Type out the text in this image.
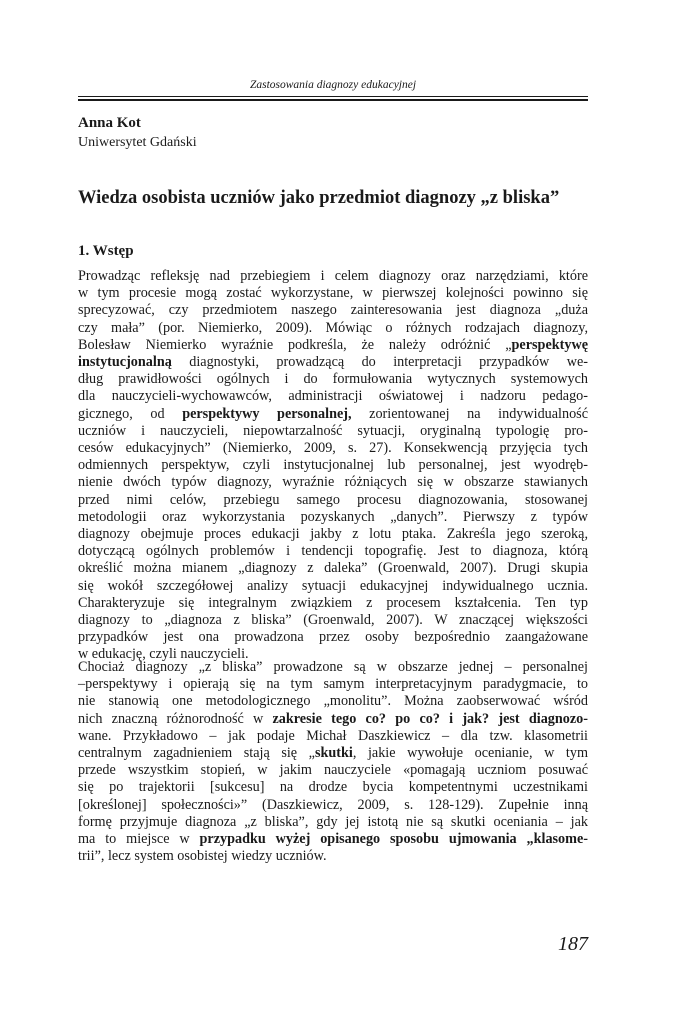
Zastosowania diagnozy edukacyjnej
Anna Kot
Uniwersytet Gdański
Wiedza osobista uczniów jako przedmiot diagnozy „z bliska”
1. Wstęp

Prowadząc refleksję nad przebiegiem i celem diagnozy oraz narzędziami, które
w tym procesie mogą zostać wykorzystane, w pierwszej kolejności powinno się
sprecyzować, czy przedmiotem naszego zainteresowania jest diagnoza „duża
czy mała” (por. Niemierko, 2009). Mówiąc o różnych rodzajach diagnozy,
Bolesław Niemierko wyraźnie podkreśla, że należy odróżnić „perspektywę
instytucjonalną diagnostyki, prowadzącą do interpretacji przypadków we-
dług prawidłowości ogólnych i do formułowania wytycznych systemowych
dla nauczycieli-wychowawców, administracji oświatowej i nadzoru pedago-
gicznego, od perspektywy personalnej, zorientowanej na indywidualność
uczniów i nauczycieli, niepowtarzalność sytuacji, oryginalną typologię pro-
cesów edukacyjnych” (Niemierko, 2009, s. 27). Konsekwencją przyjęcia tych
odmiennych perspektyw, czyli instytucjonalnej lub personalnej, jest wyodręb-
nienie dwóch typów diagnozy, wyraźnie różniących się w obszarze stawianych
przed nimi celów, przebiegu samego procesu diagnozowania, stosowanej
metodologii oraz wykorzystania pozyskanych „danych”. Pierwszy z typów
diagnozy obejmuje proces edukacji jakby z lotu ptaka. Zakreśla jego szeroką,
dotyczącą ogólnych problemów i tendencji topografię. Jest to diagnoza, którą
określić można mianem „diagnozy z daleka” (Groenwald, 2007). Drugi skupia
się wokół szczegółowej analizy sytuacji edukacyjnej indywidualnego ucznia.
Charakteryzuje się integralnym związkiem z procesem kształcenia. Ten typ
diagnozy to „diagnoza z bliska” (Groenwald, 2007). W znaczącej większości
przypadków jest ona prowadzona przez osoby bezpośrednio zaangażowane
w edukację, czyli nauczycieli.

Chociaż diagnozy „z bliska” prowadzone są w obszarze jednej – personalnej
–perspektywy i opierają się na tym samym interpretacyjnym paradygmacie, to
nie stanowią one metodologicznego „monolitu”. Można zaobserwować wśród
nich znaczną różnorodność w zakresie tego co? po co? i jak? jest diagnozo-
wane. Przykładowo – jak podaje Michał Daszkiewicz – dla tzw. klasometrii
centralnym zagadnieniem stają się „skutki, jakie wywołuje ocenianie, w tym
przede wszystkim stopień, w jakim nauczyciele «pomagają uczniom posuwać
się po trajektorii [sukcesu] na drodze bycia kompetentnymi uczestnikami
[określonej] społeczności»” (Daszkiewicz, 2009, s. 128-129). Zupełnie inną
formę przyjmuje diagnoza „z bliska”, gdy jej istotą nie są skutki oceniania – jak
ma to miejsce w przypadku wyżej opisanego sposobu ujmowania „klasome-
trii”, lecz system osobistej wiedzy uczniów.

187
